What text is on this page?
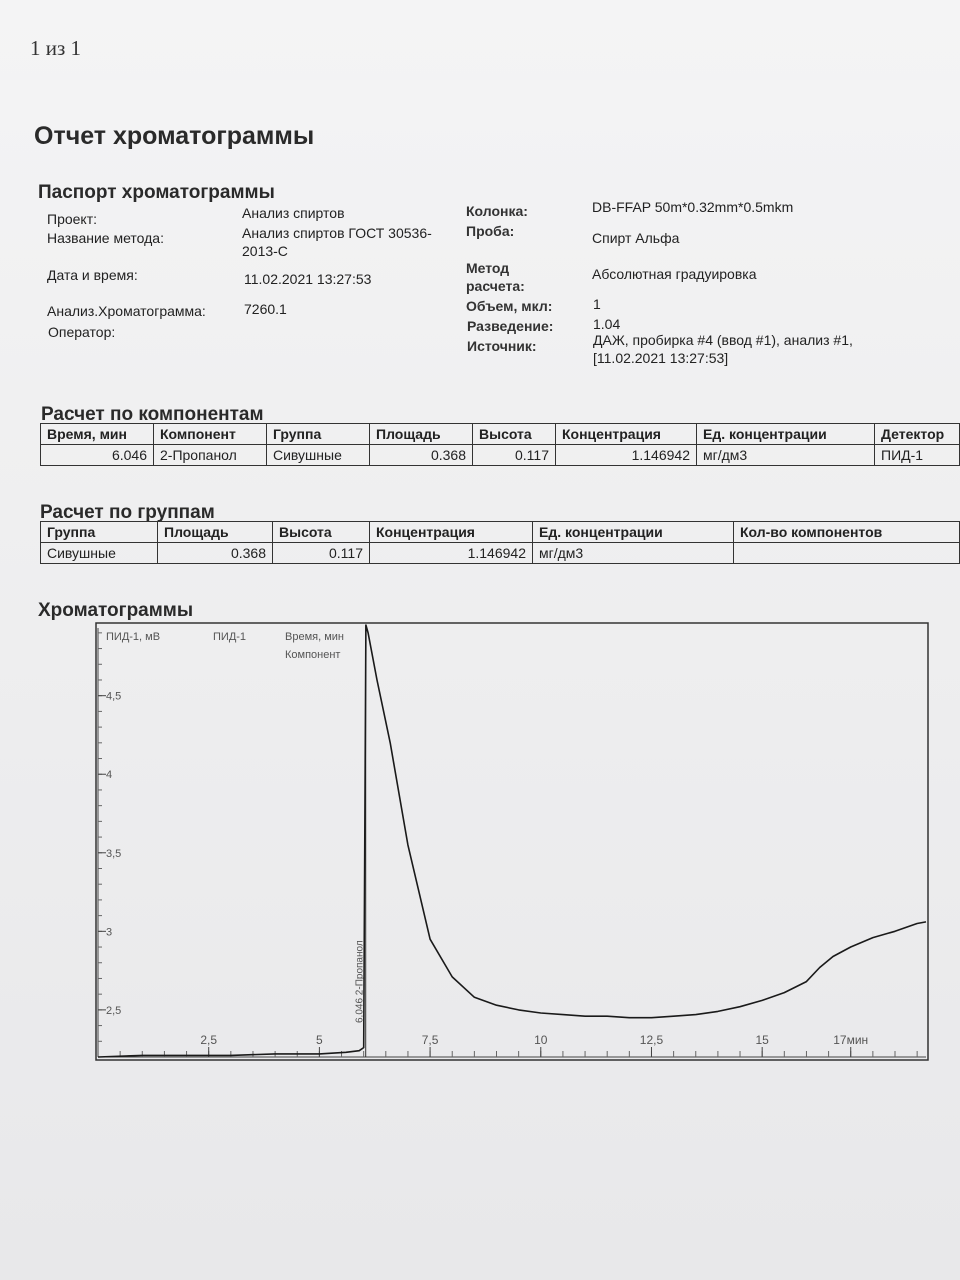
1 из 1
Отчет хроматограммы
Паспорт хроматограммы
Проект:	Анализ спиртов
Название метода:	Анализ спиртов ГОСТ 30536-
2013-С
Дата и время:	11.02.2021 13:27:53
Анализ.Хроматограмма:	7260.1
Оператор:
Колонка:	DB-FFAP 50m*0.32mm*0.5mkm
Проба:	Спирт Альфа
Метод
расчета:
Абсолютная градуировка
Объем, мкл:	1
Разведение:	1.04
Источник:	ДАЖ, пробирка #4 (ввод #1), анализ #1,
[11.02.2021 13:27:53]
Расчет по компонентам
Время, мин	Компонент	Группа	Площадь	Высота	Концентрация	Ед. концентрации	Детектор
6.046	2-Пропанол	Сивушные	0.368	0.117	1.146942	мг/дм3	ПИД-1
Расчет по группам
Группа	Площадь	Высота	Концентрация	Ед. концентрации	Кол-во компонентов
Сивушные	0.368	0.117	1.146942	мг/дм3	
Хроматограммы
ПИД-1, мВ	ПИД-1	Время, мин
Компонент
4,5
4
3,5
3
2,5
2,5	5	7,5	10	12,5	15	17мин
6.046 2-Пропанол
